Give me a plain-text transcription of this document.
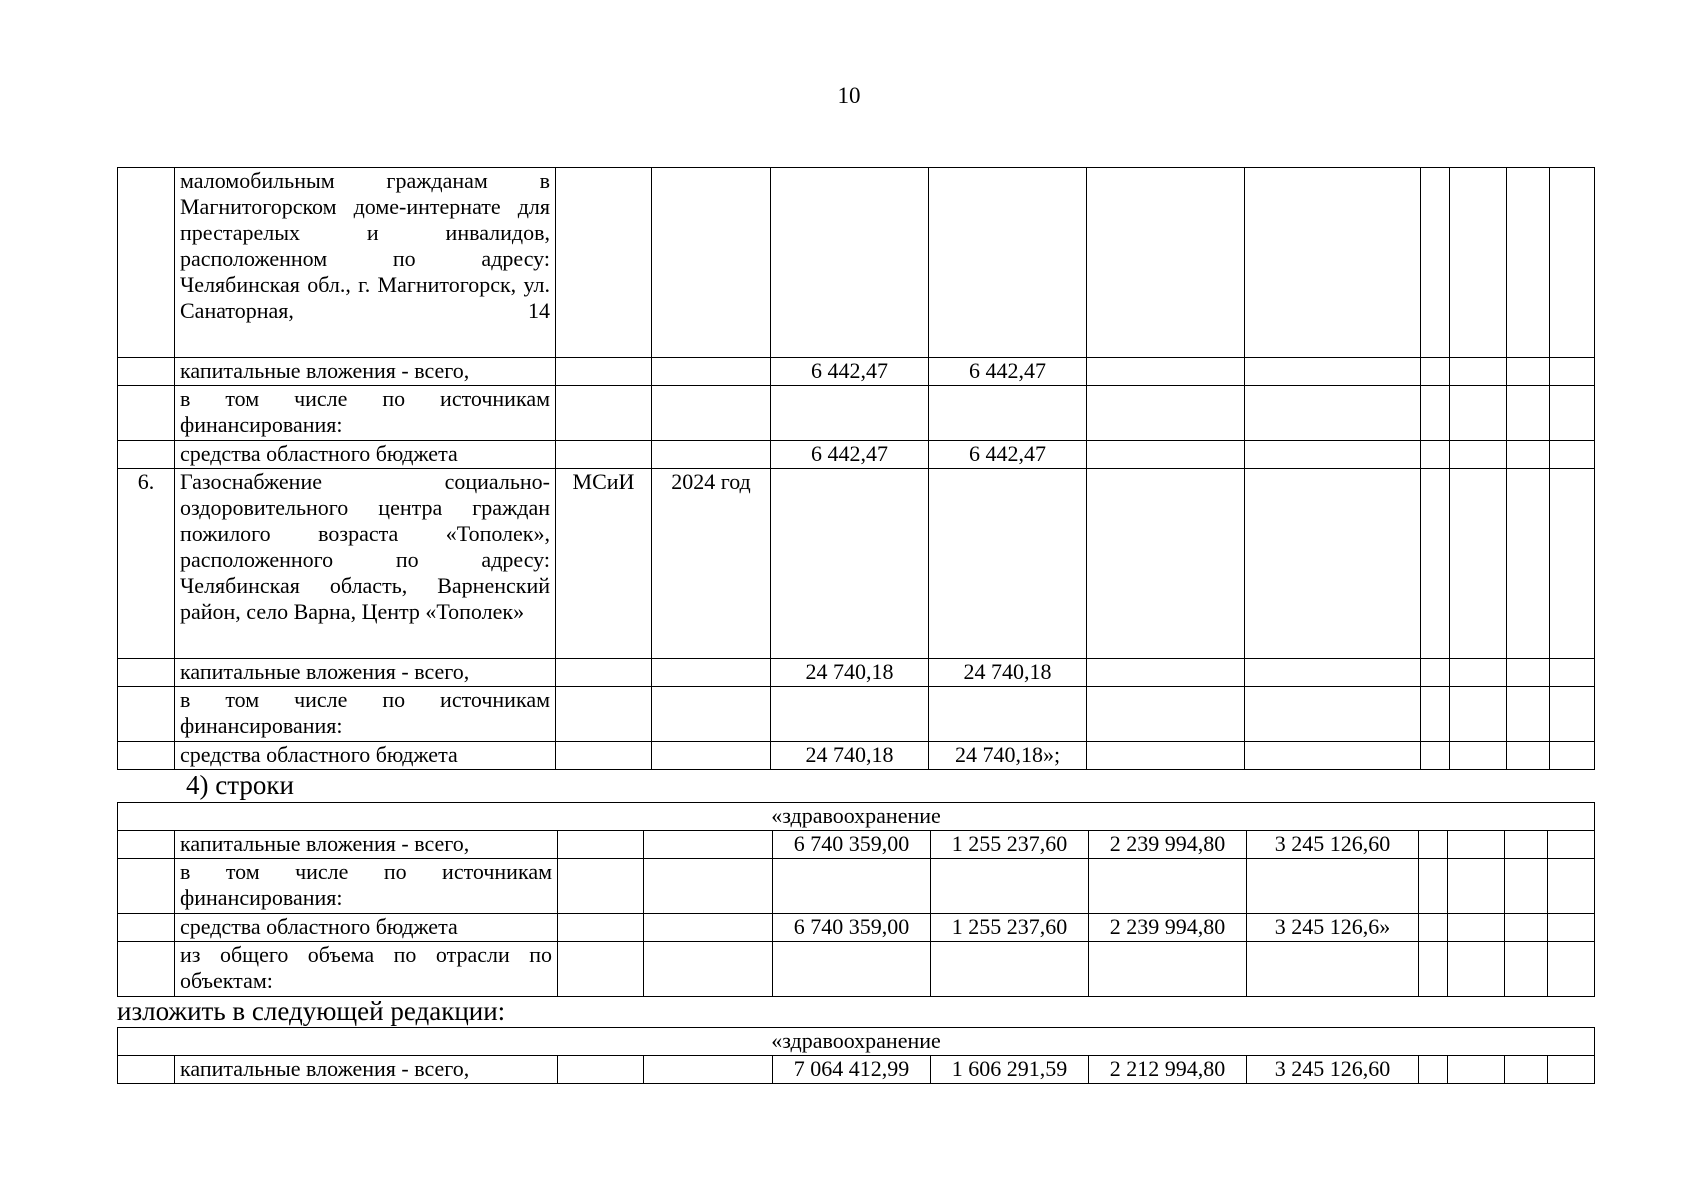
10
	маломобильным гражданам в Магнитогорском доме-интернате для престарелых и инвалидов, расположенном по адресу: Челябинская обл., г. Магнитогорск, ул. Санаторная, 14										
	капитальные вложения - всего,			6 442,47	6 442,47						
	в том числе по источникам финансирования:										
	средства областного бюджета			6 442,47	6 442,47						
6.	Газоснабжение социально-оздоровительного центра граждан пожилого возраста «Тополек», расположенного по адресу: Челябинская область, Варненский район, село Варна, Центр «Тополек»	МСиИ	2024 год								
	капитальные вложения - всего,			24 740,18	24 740,18						
	в том числе по источникам финансирования:										
	средства областного бюджета			24 740,18	24 740,18»;						
4) строки
«здравоохранение											
	капитальные вложения - всего,			6 740 359,00	1 255 237,60	2 239 994,80	3 245 126,60				
	в том числе по источникам финансирования:										
	средства областного бюджета			6 740 359,00	1 255 237,60	2 239 994,80	3 245 126,6»				
	из общего объема по отрасли по объектам:										
изложить в следующей редакции:
«здравоохранение
	капитальные вложения - всего,			7 064 412,99	1 606 291,59	2 212 994,80	3 245 126,60				
